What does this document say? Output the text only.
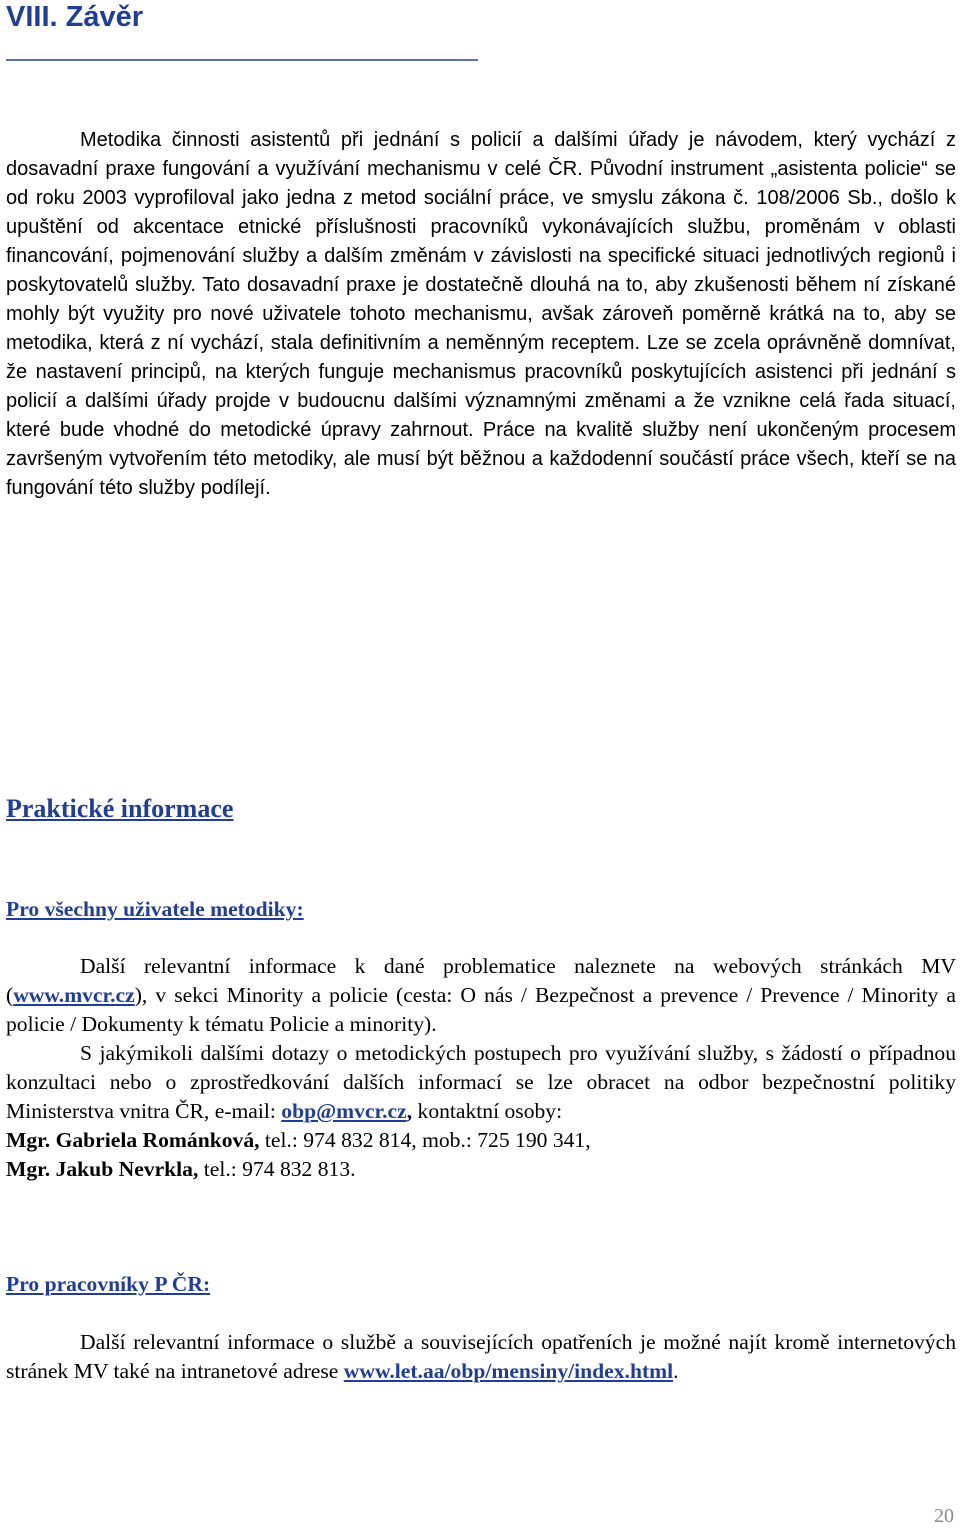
VIII. Závěr

Metodika činnosti asistentů při jednání s policií a dalšími úřady je návodem, který vychází z dosavadní praxe fungování a využívání mechanismu v celé ČR. Původní instrument „asistenta policie“ se od roku 2003 vyprofiloval jako jedna z metod sociální práce, ve smyslu zákona č. 108/2006 Sb., došlo k upuštění od akcentace etnické příslušnosti pracovníků vykonávajících službu, proměnám v oblasti financování, pojmenování služby a dalším změnám v závislosti na specifické situaci jednotlivých regionů i poskytovatelů služby. Tato dosavadní praxe je dostatečně dlouhá na to, aby zkušenosti během ní získané mohly být využity pro nové uživatele tohoto mechanismu, avšak zároveň poměrně krátká na to, aby se metodika, která z ní vychází, stala definitivním a neměnným receptem. Lze se zcela oprávněně domnívat, že nastavení principů, na kterých funguje mechanismus pracovníků poskytujících asistenci při jednání s policií a dalšími úřady projde v budoucnu dalšími významnými změnami a že vznikne celá řada situací, které bude vhodné do metodické úpravy zahrnout. Práce na kvalitě služby není ukončeným procesem završeným vytvořením této metodiky, ale musí být běžnou a každodenní součástí práce všech, kteří se na fungování této služby podílejí.

Praktické informace
Pro všechny uživatele metodiky:

Další relevantní informace k dané problematice naleznete na webových stránkách MV (www.mvcr.cz), v sekci Minority a policie (cesta: O nás / Bezpečnost a prevence / Prevence / Minority a policie / Dokumenty k tématu Policie a minority).

S jakýmikoli dalšími dotazy o metodických postupech pro využívání služby, s žádostí o případnou konzultaci nebo o zprostředkování dalších informací se lze obracet na odbor bezpečnostní politiky Ministerstva vnitra ČR, e-mail: obp@mvcr.cz, kontaktní osoby:
Mgr. Gabriela Románková, tel.: 974 832 814, mob.: 725 190 341,
Mgr. Jakub Nevrkla, tel.: 974 832 813.

Pro pracovníky P ČR:

Další relevantní informace o službě a souvisejících opatřeních je možné najít kromě internetových stránek MV také na intranetové adrese www.let.aa/obp/mensiny/index.html.

20
